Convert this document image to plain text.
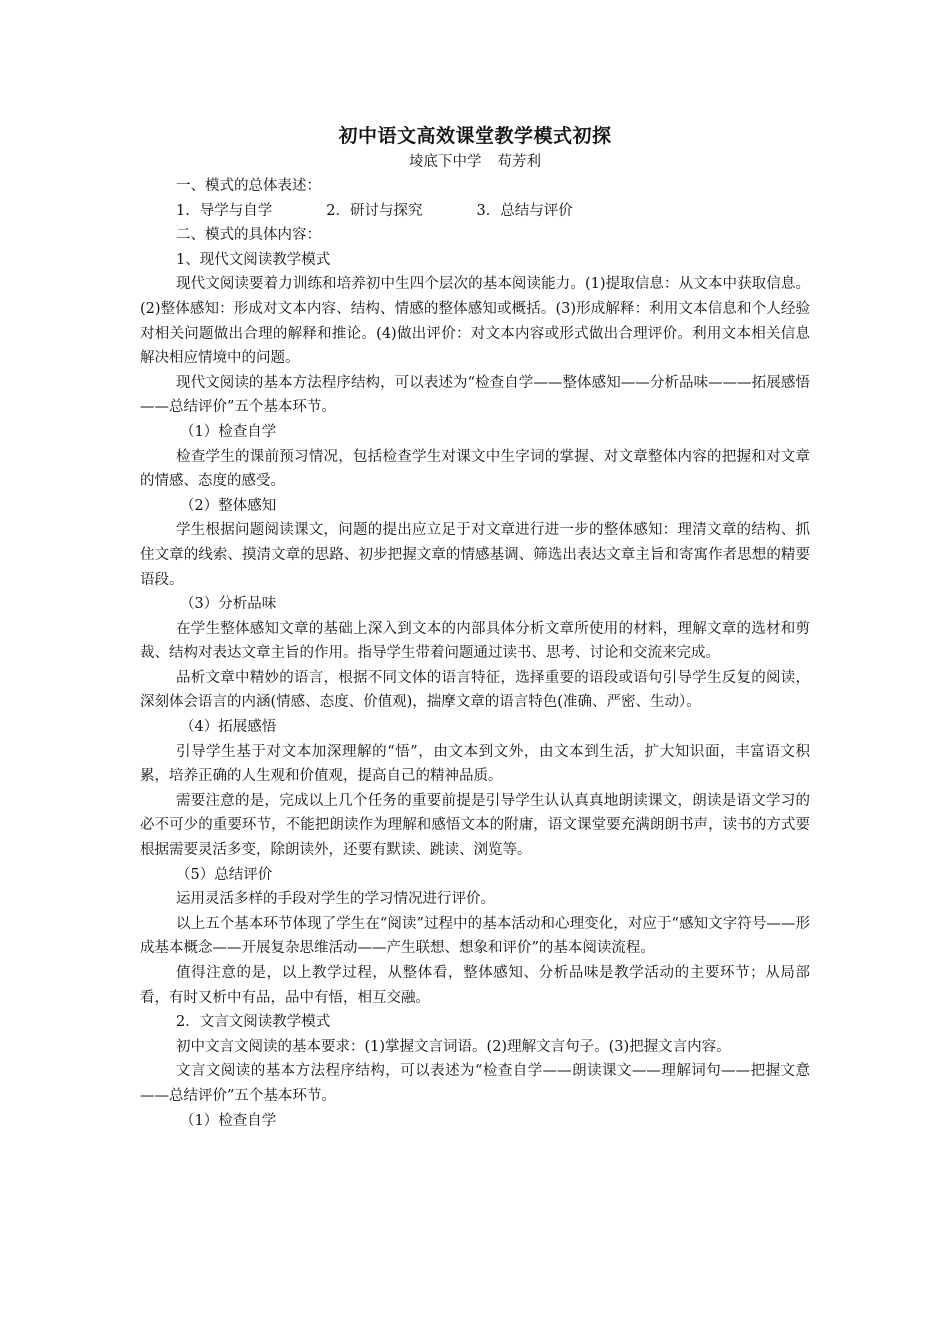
初中语文高效课堂教学模式初探

堎底下中学 苟芳利

一、模式的总体表述：

1．导学与自学	2．研讨与探究	3．总结与评价

二、模式的具体内容：

1、现代文阅读教学模式

现代文阅读要着力训练和培养初中生四个层次的基本阅读能力。(1)提取信息：从文本中获取信息。(2)整体感知：形成对文本内容、结构、情感的整体感知或概括。(3)形成解释：利用文本信息和个人经验对相关问题做出合理的解释和推论。(4)做出评价：对文本内容或形式做出合理评价。利用文本相关信息解决相应情境中的问题。

现代文阅读的基本方法程序结构，可以表述为“检查自学——整体感知——分析品味———拓展感悟——总结评价”五个基本环节。

（1）检查自学

检查学生的课前预习情况，包括检查学生对课文中生字词的掌握、对文章整体内容的把握和对文章的情感、态度的感受。

（2）整体感知

学生根据问题阅读课文，问题的提出应立足于对文章进行进一步的整体感知：理清文章的结构、抓住文章的线索、摸清文章的思路、初步把握文章的情感基调、筛选出表达文章主旨和寄寓作者思想的精要语段。

（3）分析品味

在学生整体感知文章的基础上深入到文本的内部具体分析文章所使用的材料，理解文章的选材和剪裁、结构对表达文章主旨的作用。指导学生带着问题通过读书、思考、讨论和交流来完成。

品析文章中精妙的语言，根据不同文体的语言特征，选择重要的语段或语句引导学生反复的阅读，深刻体会语言的内涵(情感、态度、价值观)，揣摩文章的语言特色(准确、严密、生动）。

（4）拓展感悟

引导学生基于对文本加深理解的“悟”，由文本到文外，由文本到生活，扩大知识面，丰富语文积累，培养正确的人生观和价值观，提高自己的精神品质。

需要注意的是，完成以上几个任务的重要前提是引导学生认认真真地朗读课文，朗读是语文学习的必不可少的重要环节，不能把朗读作为理解和感悟文本的附庸，语文课堂要充满朗朗书声，读书的方式要根据需要灵活多变，除朗读外，还要有默读、跳读、浏览等。

（5）总结评价

运用灵活多样的手段对学生的学习情况进行评价。

以上五个基本环节体现了学生在“阅读”过程中的基本活动和心理变化，对应于“感知文字符号——形成基本概念——开展复杂思维活动——产生联想、想象和评价”的基本阅读流程。

值得注意的是，以上教学过程，从整体看，整体感知、分析品味是教学活动的主要环节；从局部看，有时又析中有品，品中有悟，相互交融。

2．文言文阅读教学模式

初中文言文阅读的基本要求：(1)掌握文言词语。(2)理解文言句子。(3)把握文言内容。

文言文阅读的基本方法程序结构，可以表述为“检查自学——朗读课文——理解词句——把握文意——总结评价”五个基本环节。

（1）检查自学
